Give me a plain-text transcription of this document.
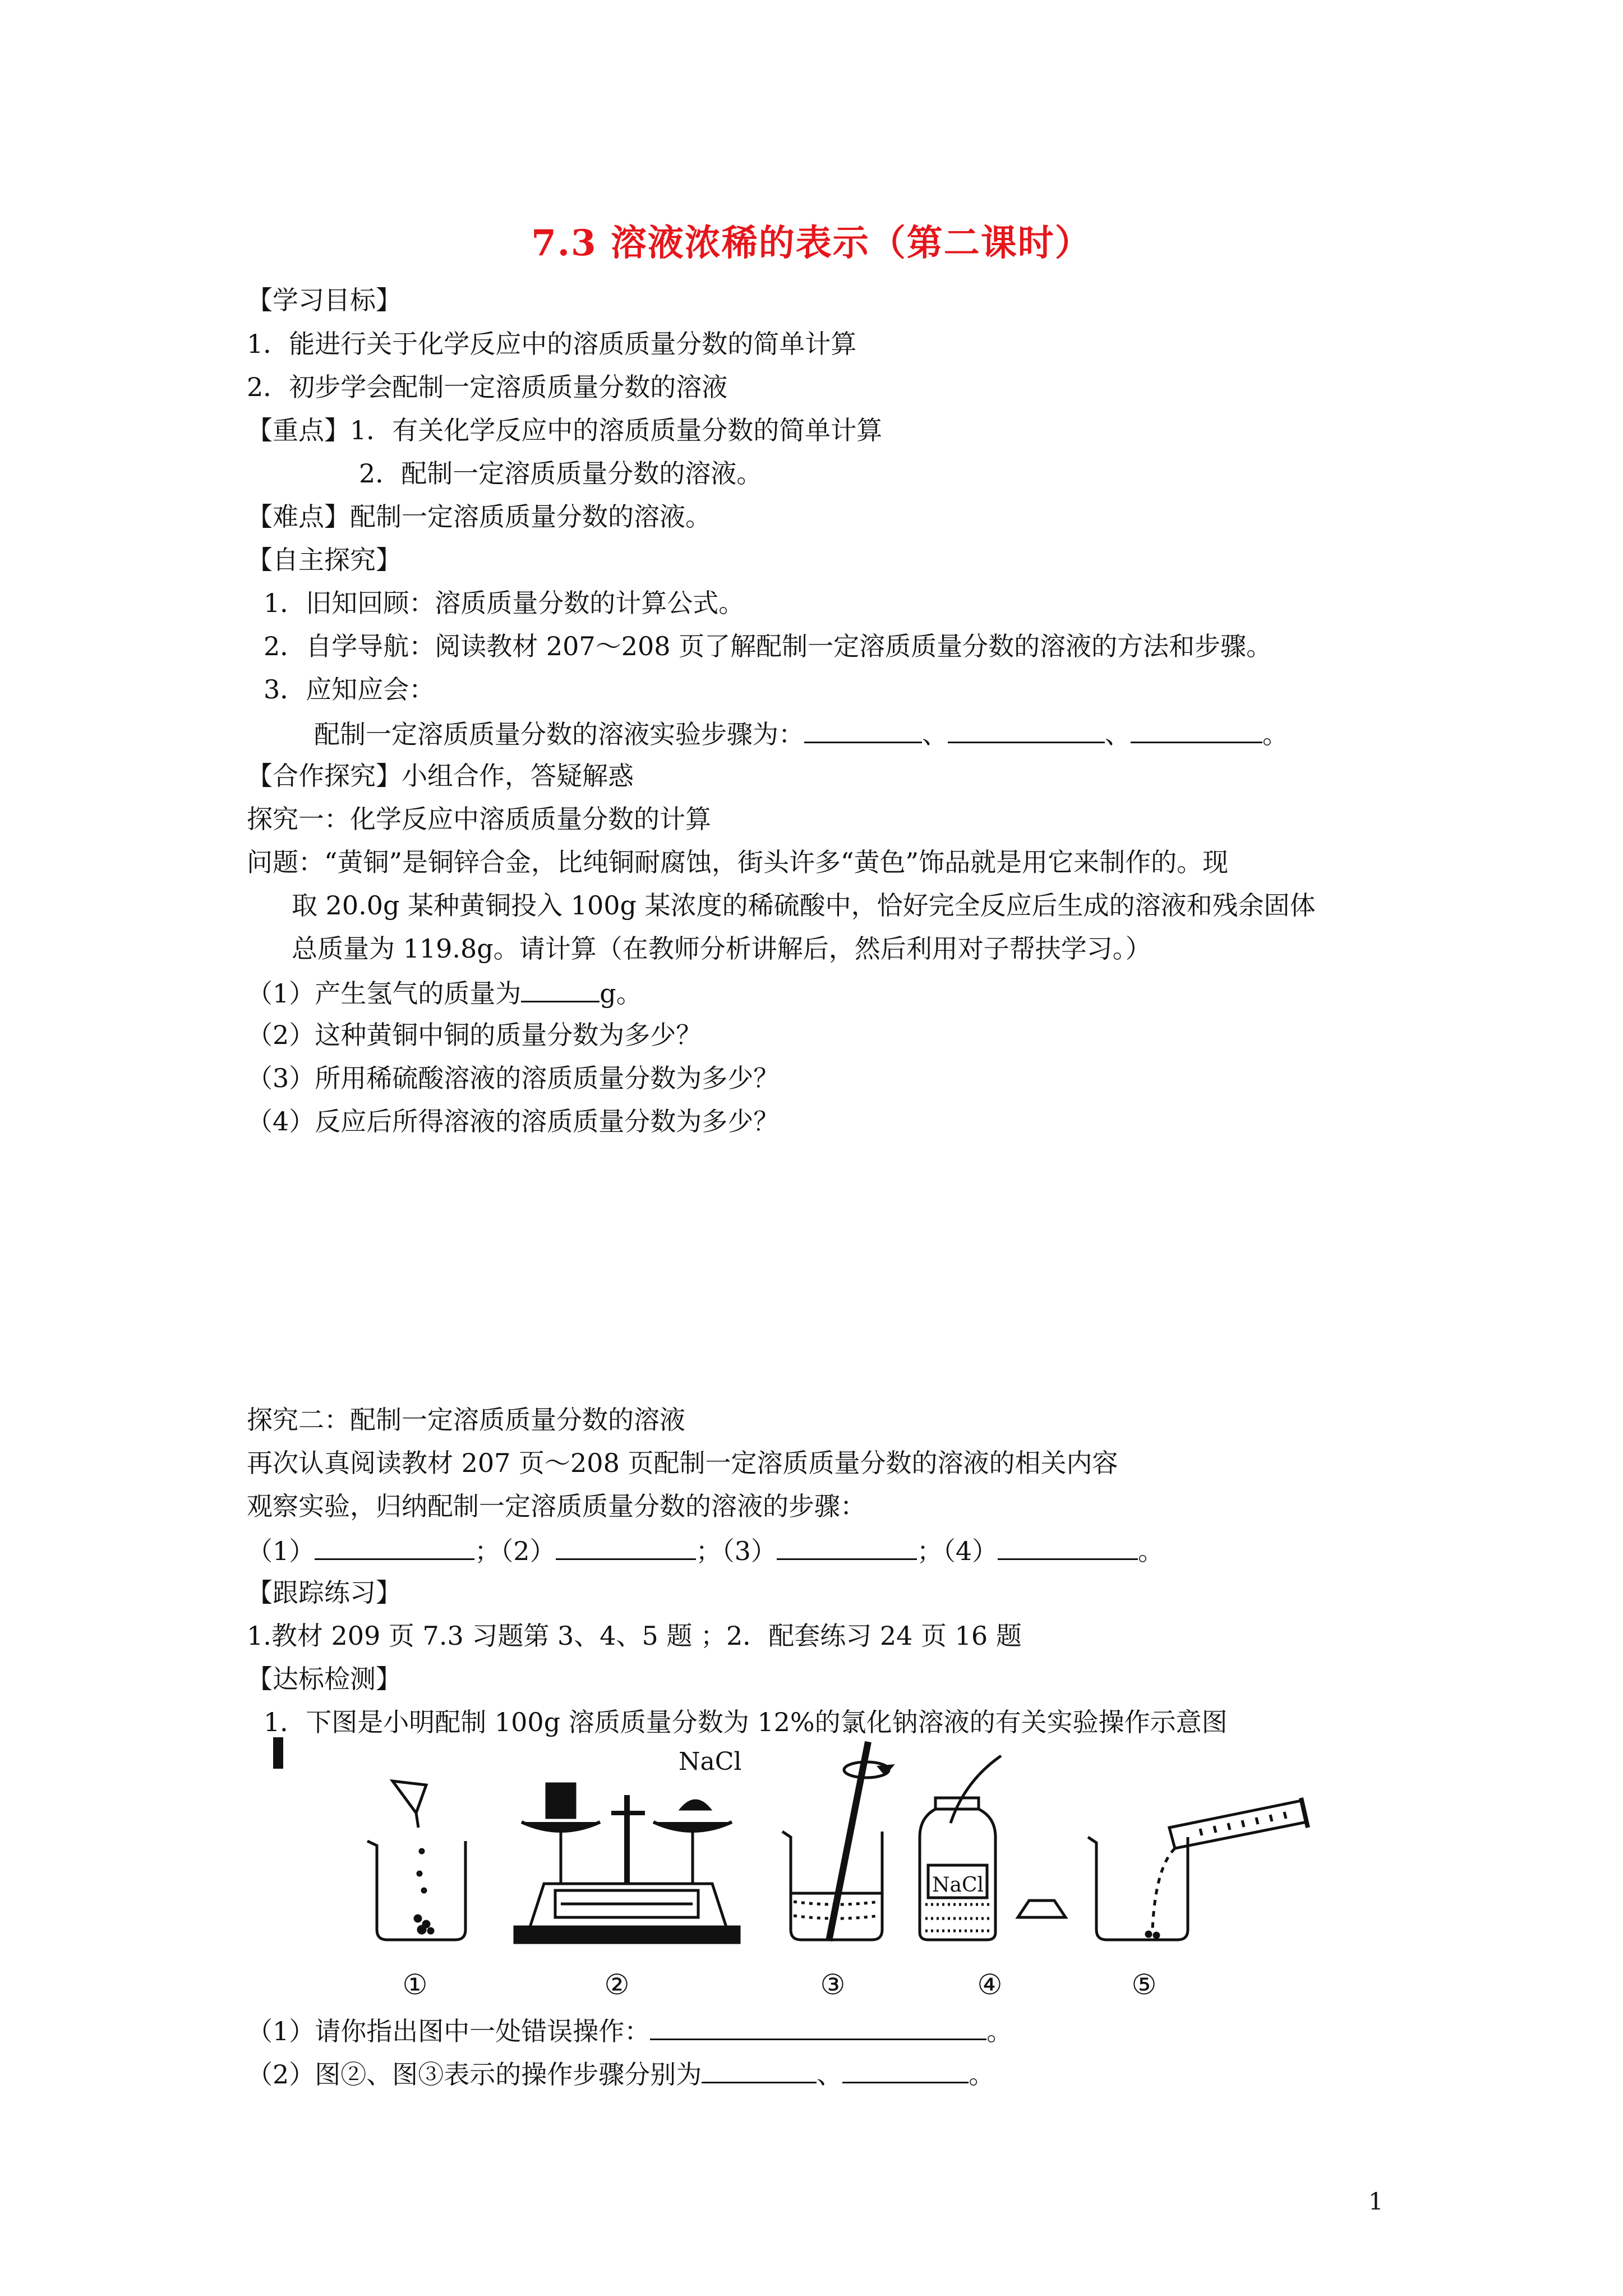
7.3 溶液浓稀的表示（第二课时）
【学习目标】
1．能进行关于化学反应中的溶质质量分数的简单计算
2．初步学会配制一定溶质质量分数的溶液
【重点】1．有关化学反应中的溶质质量分数的简单计算
2．配制一定溶质质量分数的溶液。
【难点】配制一定溶质质量分数的溶液。
【自主探究】
1．旧知回顾：溶质质量分数的计算公式。
2．自学导航：阅读教材 207～208 页了解配制一定溶质质量分数的溶液的方法和步骤。
3．应知应会：
配制一定溶质质量分数的溶液实验步骤为：	、	、	。
【合作探究】小组合作，答疑解惑
探究一：化学反应中溶质质量分数的计算
问题：“黄铜”是铜锌合金，比纯铜耐腐蚀，街头许多“黄色”饰品就是用它来制作的。现
取 20.0g 某种黄铜投入 100g 某浓度的稀硫酸中，恰好完全反应后生成的溶液和残余固体
总质量为 119.8g。请计算（在教师分析讲解后，然后利用对子帮扶学习。）
（1）产生氢气的质量为	g。
（2）这种黄铜中铜的质量分数为多少？
（3）所用稀硫酸溶液的溶质质量分数为多少？
（4）反应后所得溶液的溶质质量分数为多少？
探究二：配制一定溶质质量分数的溶液
再次认真阅读教材 207 页～208 页配制一定溶质质量分数的溶液的相关内容
观察实验，归纳配制一定溶质质量分数的溶液的步骤：
（1）	；（2）	；（3）	；（4）	。
【跟踪练习】
1.教材 209 页 7.3 习题第 3、4、5 题 ；2．配套练习 24 页 16 题
【达标检测】
1．下图是小明配制 100g 溶质质量分数为 12%的氯化钠溶液的有关实验操作示意图
NaCl
NaCl
①	②	③	④	⑤
（1）请你指出图中一处错误操作：	。
（2）图②、图③表示的操作步骤分别为	、	。
1
